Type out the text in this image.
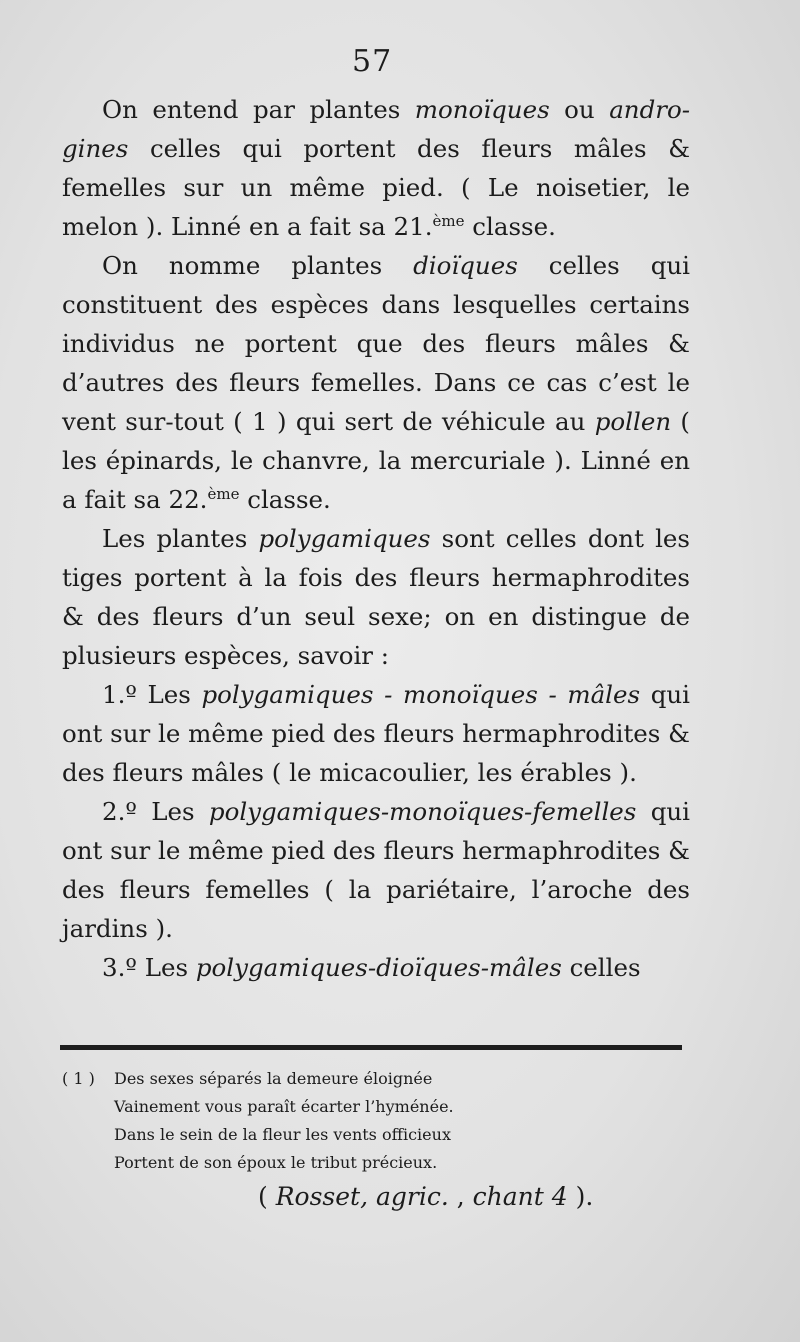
57

On entend par plantes monoïques ou andro-gines celles qui portent des fleurs mâles & femelles sur un même pied. ( Le noisetier, le melon ). Linné en a fait sa 21.$^{ème}$ classe.

On nomme plantes dioïques celles qui constituent des espèces dans lesquelles certains individus ne portent que des fleurs mâles & d’autres des fleurs femelles. Dans ce cas c’est le vent sur-tout ( 1 ) qui sert de véhicule au pollen ( les épinards, le chanvre, la mercuriale ). Linné en a fait sa 22.$^{ème}$ classe.

Les plantes polygamiques sont celles dont les tiges portent à la fois des fleurs hermaphrodites & des fleurs d’un seul sexe; on en distingue de plusieurs espèces, savoir :

1.º Les polygamiques - monoïques - mâles qui ont sur le même pied des fleurs hermaphrodites & des fleurs mâles ( le micacoulier, les érables ).

2.º Les polygamiques-monoïques-femelles qui ont sur le même pied des fleurs hermaphrodites & des fleurs femelles ( la pariétaire, l’aroche des jardins ).

3.º Les polygamiques-dioïques-mâles celles

( 1 ) Des sexes séparés la demeure éloignée
Vainement vous paraît écarter l’hyménée.
Dans le sein de la fleur les vents officieux
Portent de son époux le tribut précieux.
( Rosset, agric. , chant 4 ).
